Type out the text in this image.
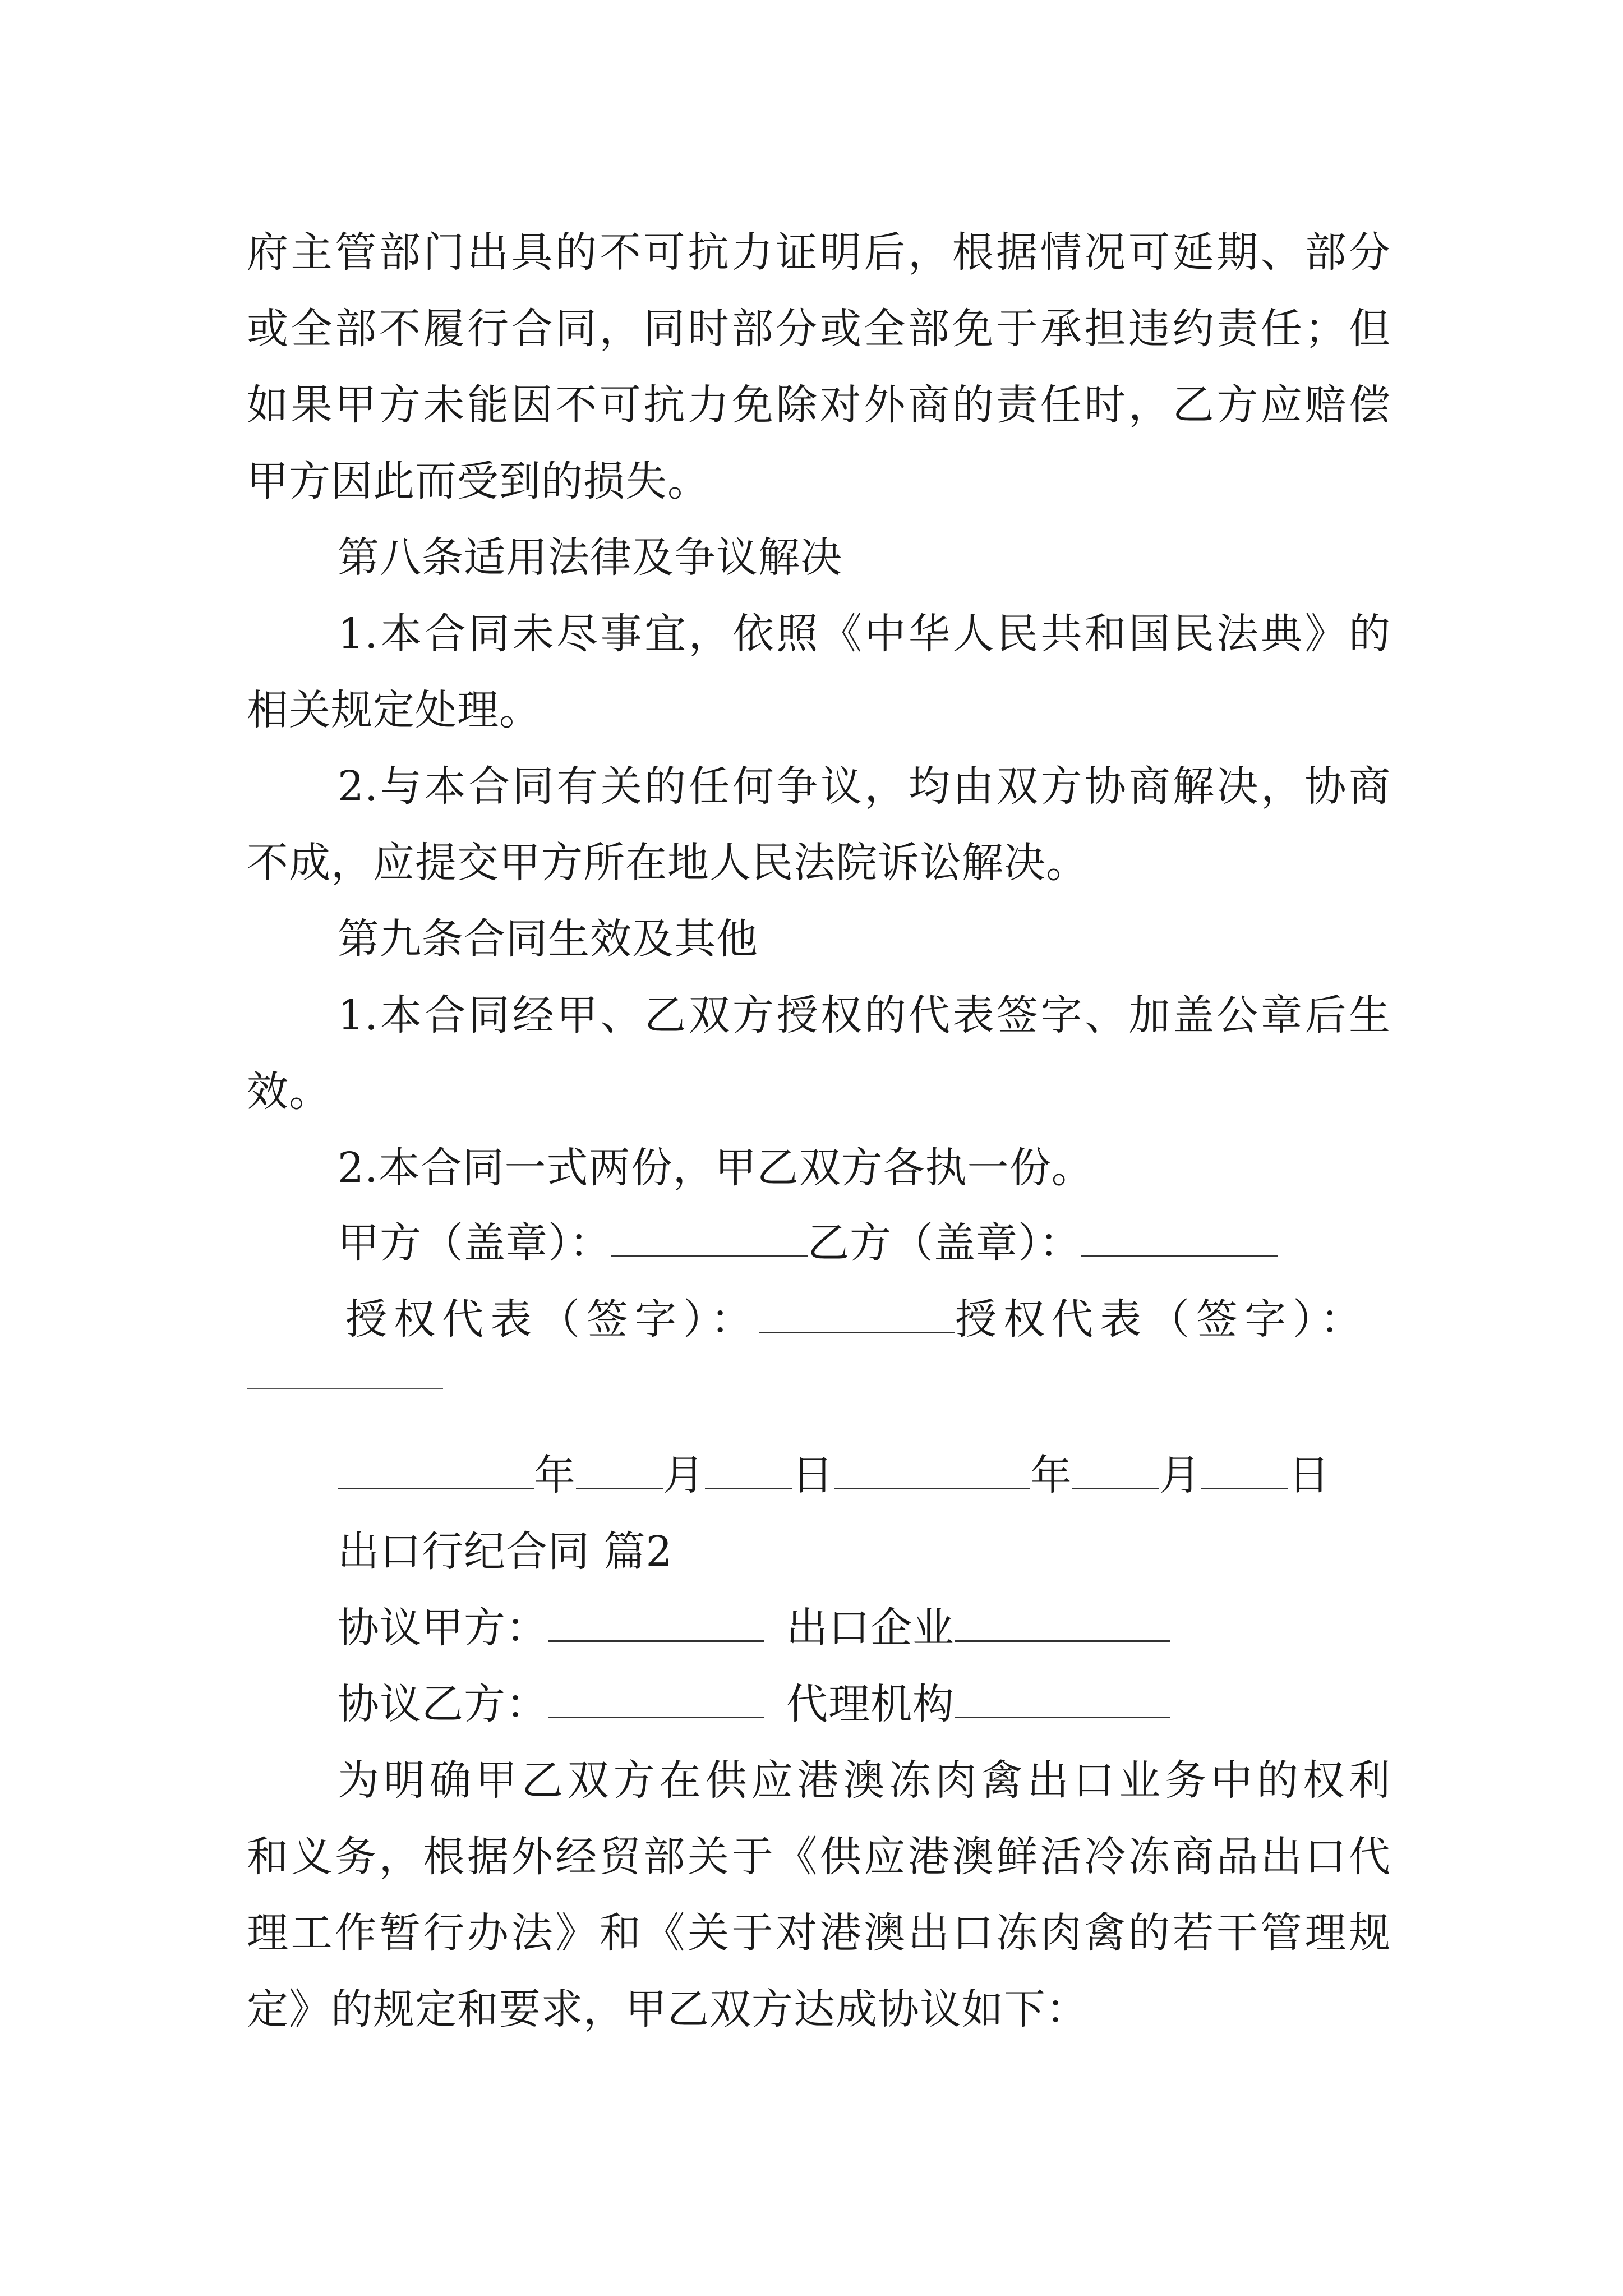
府主管部门出具的不可抗力证明后，根据情况可延期、部分
或全部不履行合同，同时部分或全部免于承担违约责任；但
如果甲方未能因不可抗力免除对外商的责任时，乙方应赔偿
甲方因此而受到的损失。
第八条适用法律及争议解决
1.本合同未尽事宜，依照《中华人民共和国民法典》的
相关规定处理。
2.与本合同有关的任何争议，均由双方协商解决，协商
不成，应提交甲方所在地人民法院诉讼解决。
第九条合同生效及其他
1.本合同经甲、乙双方授权的代表签字、加盖公章后生
效。
2.本合同一式两份，甲乙双方各执一份。
甲方（盖章）：	乙方（盖章）：
授权代表（签字）：	授权代表（签字）：
年 月 日	年 月 日
出口行纪合同 篇2
协议甲方：	出口企业
协议乙方：	代理机构
为明确甲乙双方在供应港澳冻肉禽出口业务中的权利
和义务，根据外经贸部关于《供应港澳鲜活冷冻商品出口代
理工作暂行办法》和《关于对港澳出口冻肉禽的若干管理规
定》的规定和要求，甲乙双方达成协议如下：
